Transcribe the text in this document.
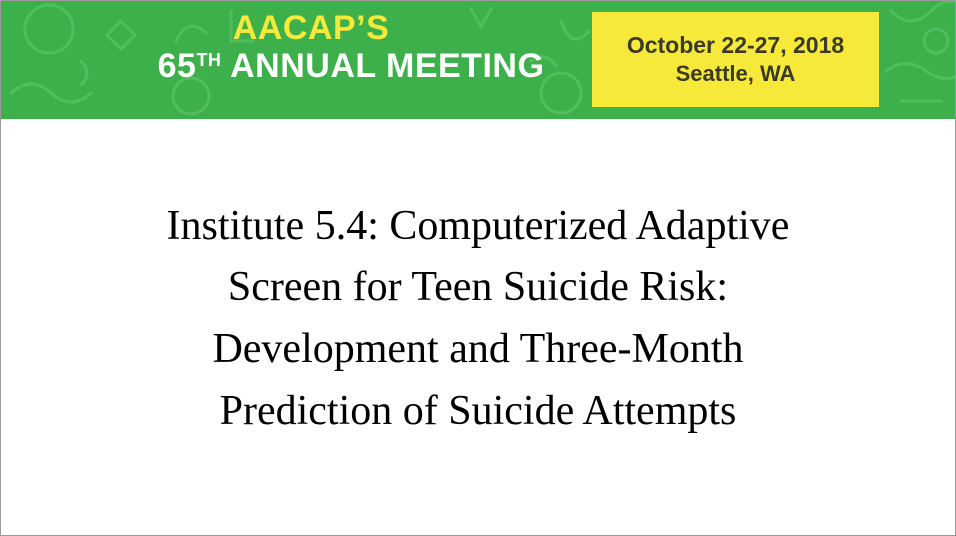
AACAP’S
65TH ANNUAL MEETING
October 22-27, 2018
Seattle, WA
Institute 5.4: Computerized Adaptive
Screen for Teen Suicide Risk:
Development and Three-Month
Prediction of Suicide Attempts
